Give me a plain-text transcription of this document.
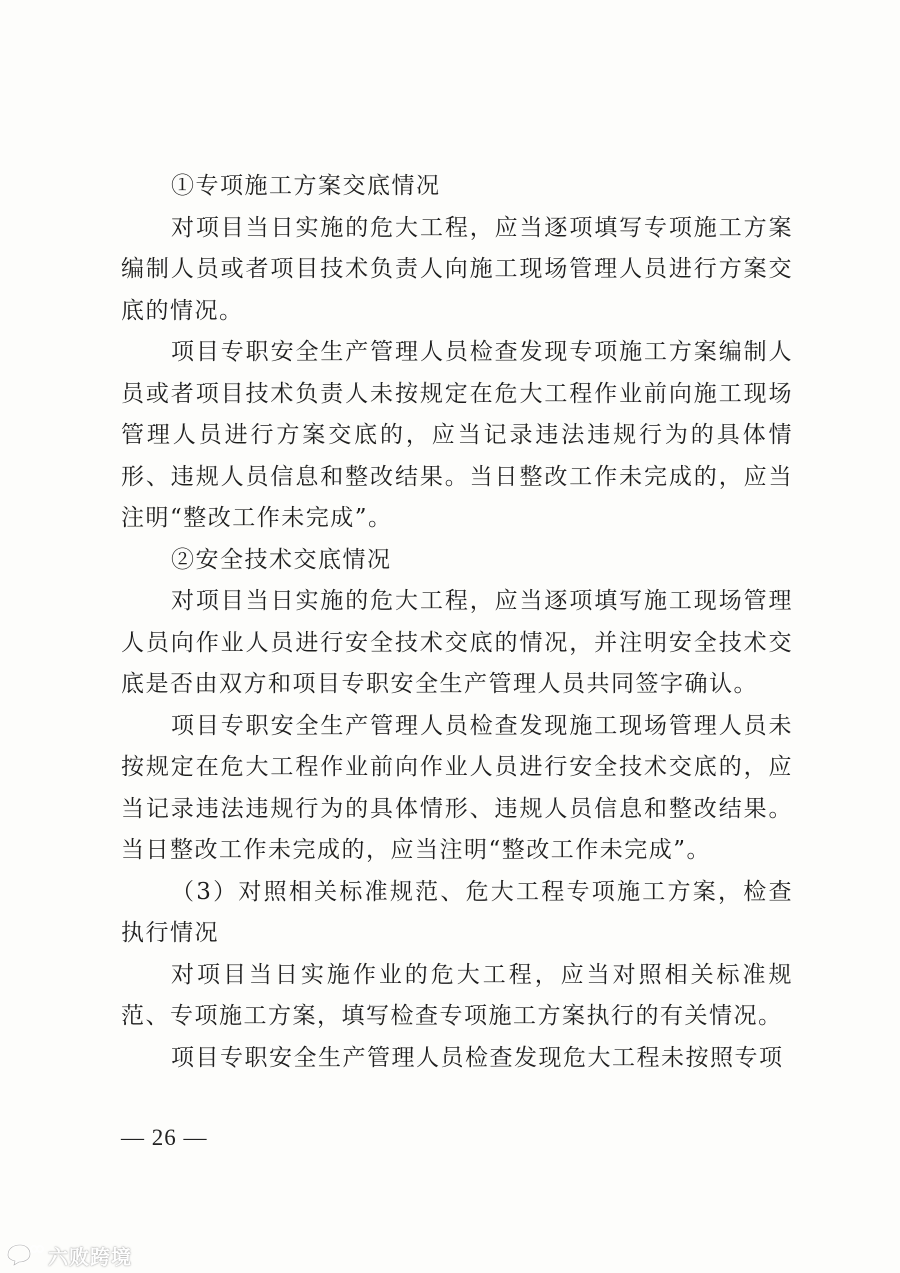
①专项施工方案交底情况

对项目当日实施的危大工程，应当逐项填写专项施工方案编制人员或者项目技术负责人向施工现场管理人员进行方案交底的情况。

项目专职安全生产管理人员检查发现专项施工方案编制人员或者项目技术负责人未按规定在危大工程作业前向施工现场管理人员进行方案交底的，应当记录违法违规行为的具体情形、违规人员信息和整改结果。当日整改工作未完成的，应当注明“整改工作未完成”。

②安全技术交底情况

对项目当日实施的危大工程，应当逐项填写施工现场管理人员向作业人员进行安全技术交底的情况，并注明安全技术交底是否由双方和项目专职安全生产管理人员共同签字确认。

项目专职安全生产管理人员检查发现施工现场管理人员未按规定在危大工程作业前向作业人员进行安全技术交底的，应当记录违法违规行为的具体情形、违规人员信息和整改结果。当日整改工作未完成的，应当注明“整改工作未完成”。

（3）对照相关标准规范、危大工程专项施工方案，检查执行情况

对项目当日实施作业的危大工程，应当对照相关标准规范、专项施工方案，填写检查专项施工方案执行的有关情况。

项目专职安全生产管理人员检查发现危大工程未按照专项

— 26 —
六败跨境
